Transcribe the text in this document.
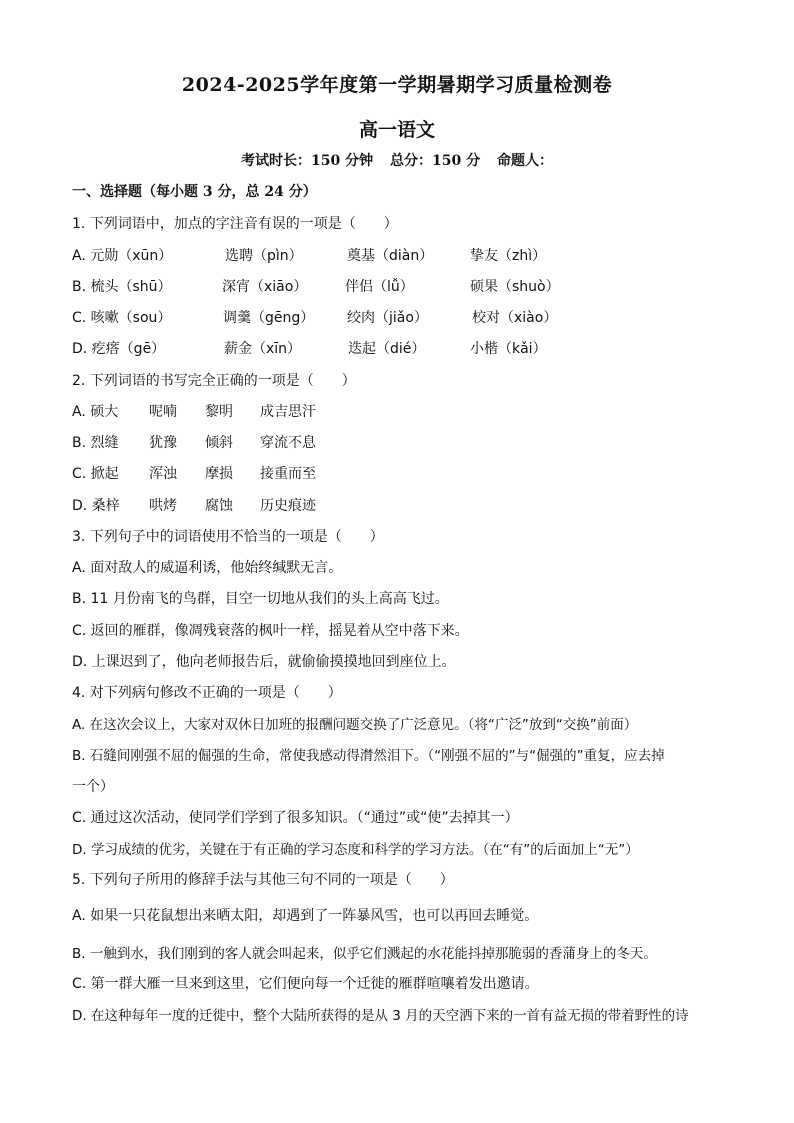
2024-2025学年度第一学期暑期学习质量检测卷
高一语文
考试时长：150 分钟 总分：150 分 命题人：
一、选择题（每小题 3 分，总 24 分）
1. 下列词语中，加点的字注音有误的一项是（　　）
A. 元勋（xūn）	选聘（pìn）	奠基（diàn）	挚友（zhì）
B. 梳头（shū）	深宵（xiāo）	伴侣（lǚ）	硕果（shuò）
C. 咳嗽（sou）	调羹（gēng） 绞肉（jiǎo）	校对（xiào）
D. 疙瘩（gē）	薪金（xīn）	迭起（dié）	小楷（kǎi）
2. 下列词语的书写完全正确的一项是（　　）
A. 硕大 呢喃 黎明 成吉思汗
B. 烈缝 犹豫 倾斜 穿流不息
C. 掀起 浑浊 摩损 接重而至
D. 桑梓 哄烤 腐蚀 历史痕迹
3. 下列句子中的词语使用不恰当的一项是（　　）
A. 面对敌人的威逼利诱，他始终缄默无言。
B. 11 月份南飞的鸟群，目空一切地从我们的头上高高飞过。
C. 返回的雁群，像凋残衰落的枫叶一样，摇晃着从空中落下来。
D. 上课迟到了，他向老师报告后，就偷偷摸摸地回到座位上。
4. 对下列病句修改不正确的一项是（　　）
A. 在这次会议上，大家对双休日加班的报酬问题交换了广泛意见。（将“广泛”放到“交换”前面）
B. 石缝间刚强不屈的倔强的生命，常使我感动得潸然泪下。（“刚强不屈的”与“倔强的”重复，应去掉
一个）
C. 通过这次活动，使同学们学到了很多知识。（“通过”或“使”去掉其一）
D. 学习成绩的优劣，关键在于有正确的学习态度和科学的学习方法。（在“有”的后面加上“无”）
5. 下列句子所用的修辞手法与其他三句不同的一项是（　　）
A. 如果一只花鼠想出来晒太阳，却遇到了一阵暴风雪，也可以再回去睡觉。
B. 一触到水，我们刚到的客人就会叫起来，似乎它们溅起的水花能抖掉那脆弱的香蒲身上的冬天。
C. 第一群大雁一旦来到这里，它们便向每一个迁徙的雁群喧嚷着发出邀请。
D. 在这种每年一度的迁徙中，整个大陆所获得的是从 3 月的天空洒下来的一首有益无损的带着野性的诗
